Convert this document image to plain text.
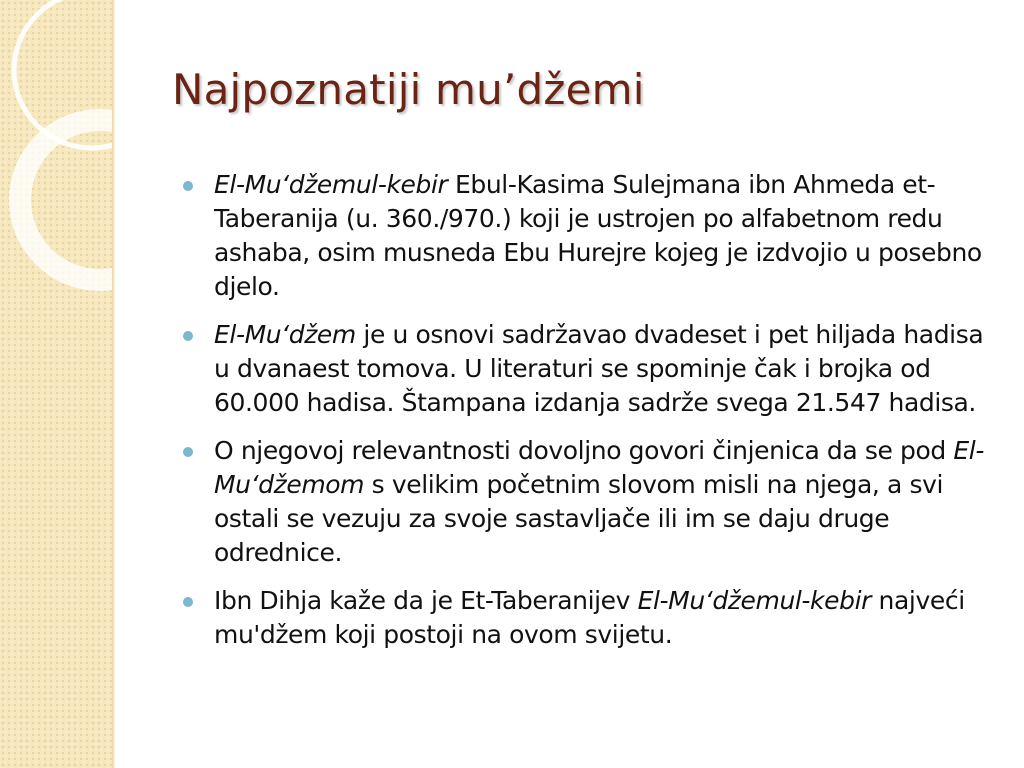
Najpoznatiji mu’džemi
El-Mu‘džemul-kebir Ebul-Kasima Sulejmana ibn Ahmeda et-Taberanija (u. 360./970.) koji je ustrojen po alfabetnom redu ashaba, osim musneda Ebu Hurejre kojeg je izdvojio u posebno djelo.
El-Mu‘džem je u osnovi sadržavao dvadeset i pet hiljada hadisa u dvanaest tomova. U literaturi se spominje čak i brojka od 60.000 hadisa. Štampana izdanja sadrže svega 21.547 hadisa.
O njegovoj relevantnosti dovoljno govori činjenica da se pod El-Mu‘džemom s velikim početnim slovom misli na njega, a svi ostali se vezuju za svoje sastavljače ili im se daju druge odrednice.
Ibn Dihja kaže da je Et-Taberanijev El-Mu‘džemul-kebir najveći mu'džem koji postoji na ovom svijetu.
